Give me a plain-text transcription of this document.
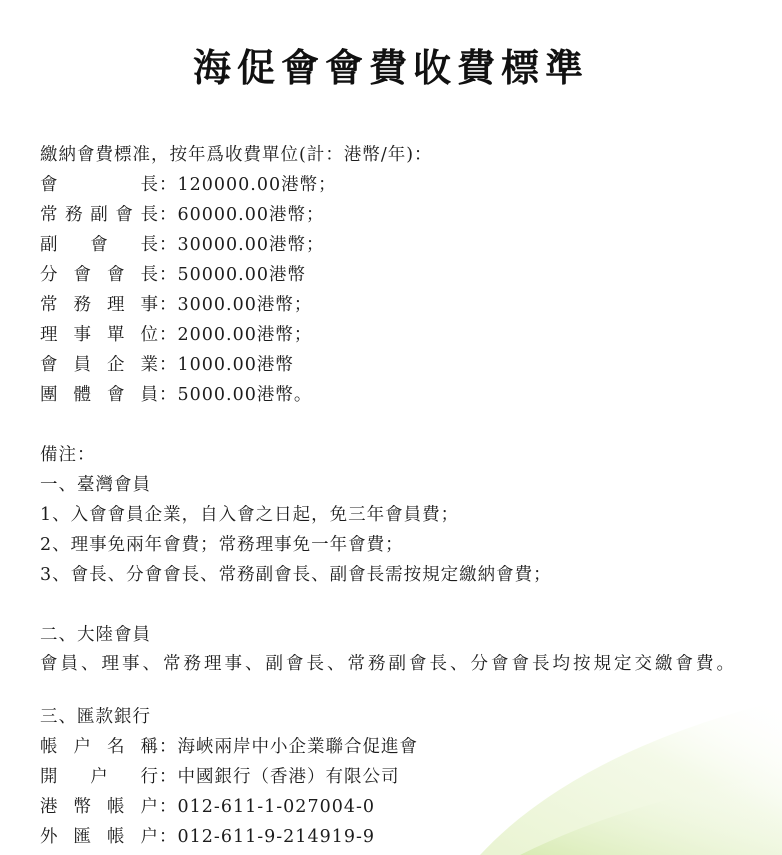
海促會會費收費標準
繳納會費標准，按年爲收費單位(計：港幣/年)：
會長 ：120000.00港幣；
常務副會長 ：60000.00港幣；
副會長 ：30000.00港幣；
分會會長 ：50000.00港幣
常務理事 ：3000.00港幣；
理事單位 ：2000.00港幣；
會員企業 ：1000.00港幣
團體會員 ：5000.00港幣。
備注：
一、臺灣會員
1、入會會員企業，自入會之日起，免三年會員費；
2、理事免兩年會費；常務理事免一年會費；
3、會長、分會會長、常務副會長、副會長需按規定繳納會費；
二、大陸會員
會員、理事、常務理事、副會長、常務副會長、分會會長均按規定交繳會費。
三、匯款銀行
帳户名稱 ：海峽兩岸中小企業聯合促進會
開户行 ：中國銀行（香港）有限公司
港幣帳户 ：012-611-1-027004-0
外匯帳户 ：012-611-9-214919-9
